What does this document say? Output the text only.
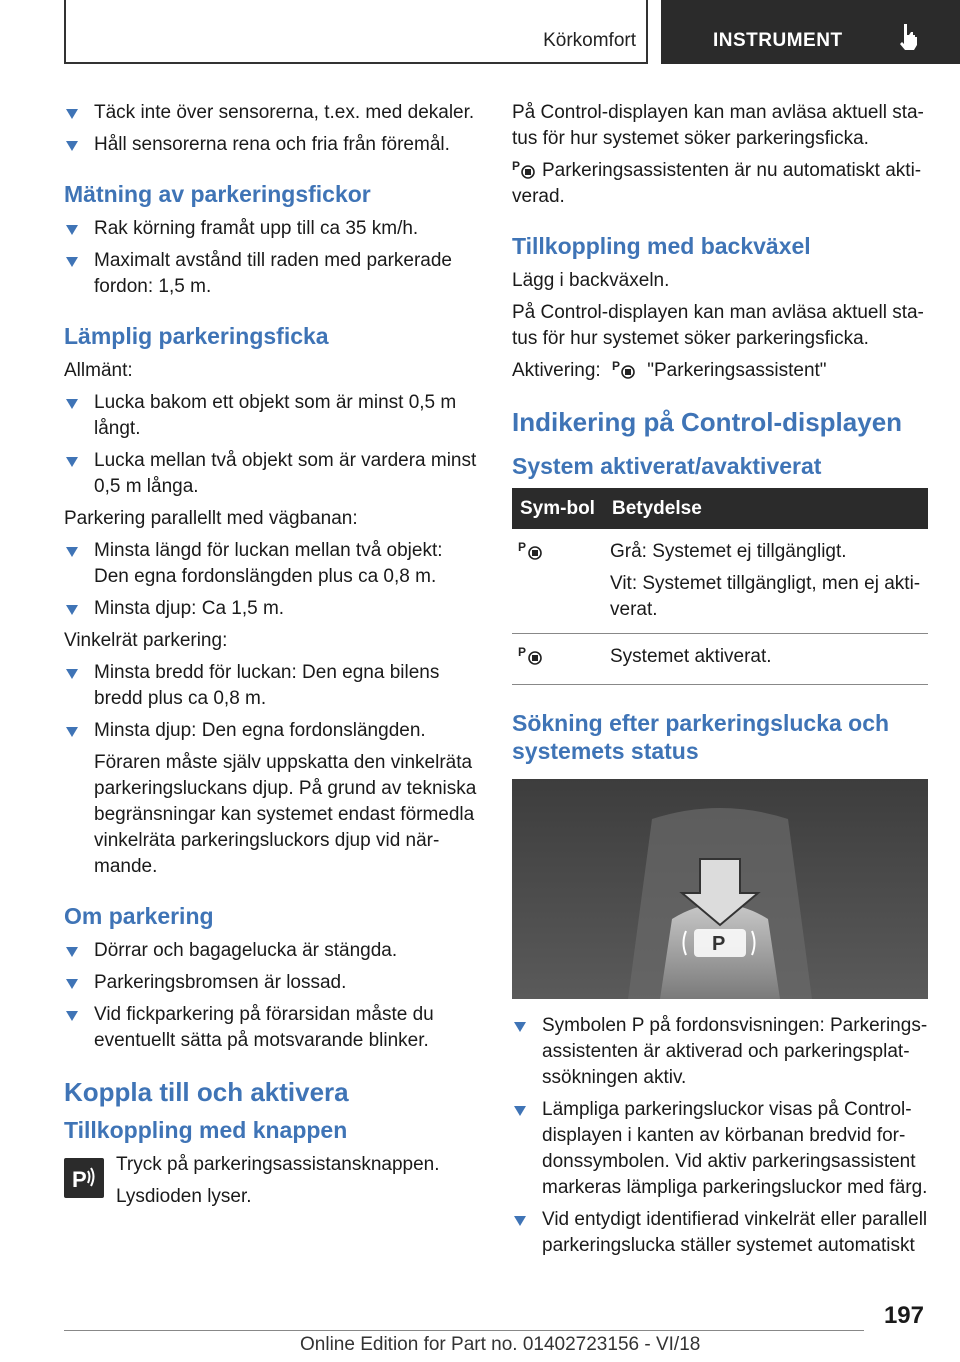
Körkomfort	INSTRUMENT
Täck inte över sensorerna, t.ex. med dekaler.
Håll sensorerna rena och fria från föremål.
Mätning av parkeringsfickor
Rak körning framåt upp till ca 35 km/h.
Maximalt avstånd till raden med parkerade fordon: 1,5 m.
Lämplig parkeringsficka

Allmänt:

Lucka bakom ett objekt som är minst 0,5 m långt.
Lucka mellan två objekt som är vardera minst 0,5 m långa.

Parkering parallellt med vägbanan:

Minsta längd för luckan mellan två objekt: Den egna fordonslängden plus ca 0,8 m.
Minsta djup: Ca 1,5 m.

Vinkelrät parkering:

Minsta bredd för luckan: Den egna bilens bredd plus ca 0,8 m.
Minsta djup: Den egna fordonslängden.

Föraren måste själv uppskatta den vinkelräta parkeringsluckans djup. På grund av tekniska begränsningar kan systemet endast förmedla vinkelräta parkeringsluckors djup vid när-mande.

Om parkering
Dörrar och bagagelucka är stängda.
Parkeringsbromsen är lossad.
Vid fickparkering på förarsidan måste du eventuellt sätta på motsvarande blinker.
Koppla till och aktivera
Tillkoppling med knappen
P

Tryck på parkeringsassistansknappen.

Lysdioden lyser.

På Control-displayen kan man avläsa aktuell sta-tus för hur systemet söker parkeringsficka.

P Parkeringsassistenten är nu automatiskt akti-verad.

Tillkoppling med backväxel

Lägg i backväxeln.

På Control-displayen kan man avläsa aktuell sta-tus för hur systemet söker parkeringsficka.

Aktivering: P "Parkeringsassistent"

Indikering på Control-displayen
System aktiverat/avaktiverat
Sym-bol	Betydelse

P	Grå: Systemet ej tillgängligt.
Vit: Systemet tillgängligt, men ej akti-verat.

P	Systemet aktiverat.
Sökning efter parkeringslucka och systemets status
P
Symbolen P på fordonsvisningen: Parkerings-assistenten är aktiverad och parkeringsplat-ssökningen aktiv.
Lämpliga parkeringsluckor visas på Control-displayen i kanten av körbanan bredvid for-donssymbolen. Vid aktiv parkeringsassistent markeras lämpliga parkeringsluckor med färg.
Vid entydigt identifierad vinkelrät eller parallell parkeringslucka ställer systemet automatiskt
197
Online Edition for Part no. 01402723156 - VI/18
